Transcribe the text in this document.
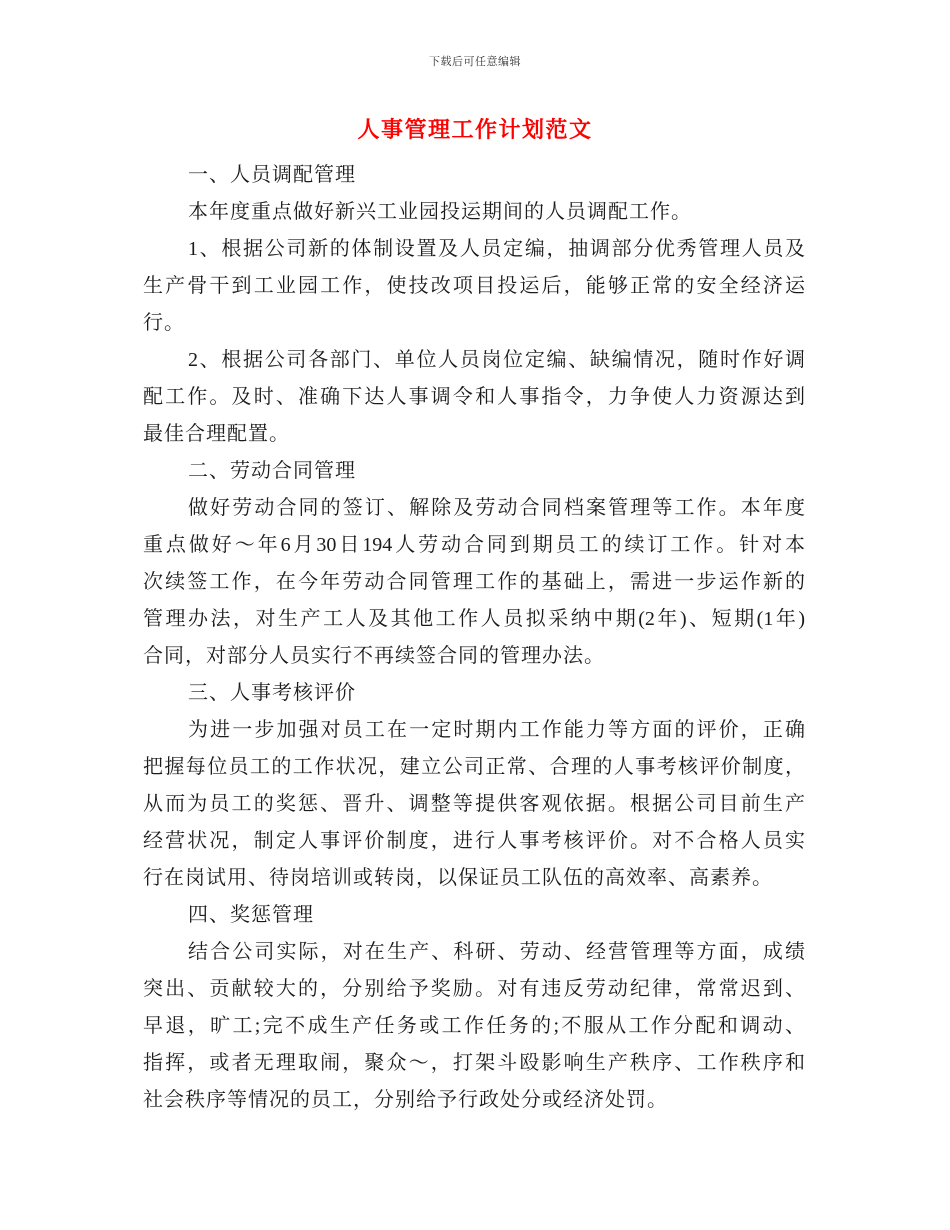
下载后可任意编辑
人事管理工作计划范文
一、人员调配管理
本年度重点做好新兴工业园投运期间的人员调配工作。
1、根据公司新的体制设置及人员定编，抽调部分优秀管理人员及
生产骨干到工业园工作，使技改项目投运后，能够正常的安全经济运
行。
2、根据公司各部门、单位人员岗位定编、缺编情况，随时作好调
配工作。及时、准确下达人事调令和人事指令，力争使人力资源达到
最佳合理配置。
二、劳动合同管理
做好劳动合同的签订、解除及劳动合同档案管理等工作。本年度
重点做好～年6月30日194人劳动合同到期员工的续订工作。针对本
次续签工作，在今年劳动合同管理工作的基础上，需进一步运作新的
管理办法，对生产工人及其他工作人员拟采纳中期(2年)、短期(1年)
合同，对部分人员实行不再续签合同的管理办法。
三、人事考核评价
为进一步加强对员工在一定时期内工作能力等方面的评价，正确
把握每位员工的工作状况，建立公司正常、合理的人事考核评价制度，
从而为员工的奖惩、晋升、调整等提供客观依据。根据公司目前生产
经营状况，制定人事评价制度，进行人事考核评价。对不合格人员实
行在岗试用、待岗培训或转岗，以保证员工队伍的高效率、高素养。
四、奖惩管理
结合公司实际，对在生产、科研、劳动、经营管理等方面，成绩
突出、贡献较大的，分别给予奖励。对有违反劳动纪律，常常迟到、
早退，旷工;完不成生产任务或工作任务的;不服从工作分配和调动、
指挥，或者无理取闹，聚众～，打架斗殴影响生产秩序、工作秩序和
社会秩序等情况的员工，分别给予行政处分或经济处罚。
